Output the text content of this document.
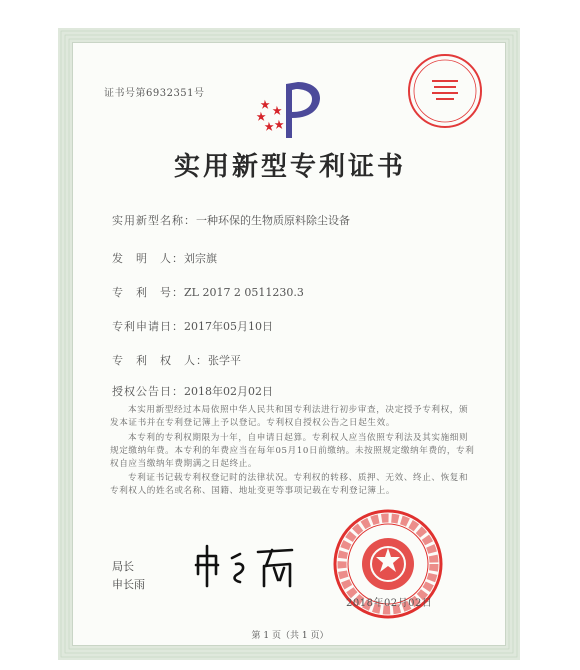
证书号第6932351号
实用新型专利证书
实用新型名称：一种环保的生物质原料除尘设备
发　明　人：刘宗旗
专　利　号：ZL 2017 2 0511230.3
专利申请日：2017年05月10日
专　利　权　人：张学平
授权公告日：2018年02月02日

本实用新型经过本局依照中华人民共和国专利法进行初步审查，决定授予专利权，颁发本证书并在专利登记簿上予以登记。专利权自授权公告之日起生效。

本专利的专利权期限为十年，自申请日起算。专利权人应当依照专利法及其实施细则规定缴纳年费。本专利的年费应当在每年05月10日前缴纳。未按照规定缴纳年费的，专利权自应当缴纳年费期满之日起终止。

专利证书记载专利权登记时的法律状况。专利权的转移、质押、无效、终止、恢复和专利权人的姓名或名称、国籍、地址变更等事项记载在专利登记簿上。

局长
申长雨
2018年02月02日
第 1 页（共 1 页）
